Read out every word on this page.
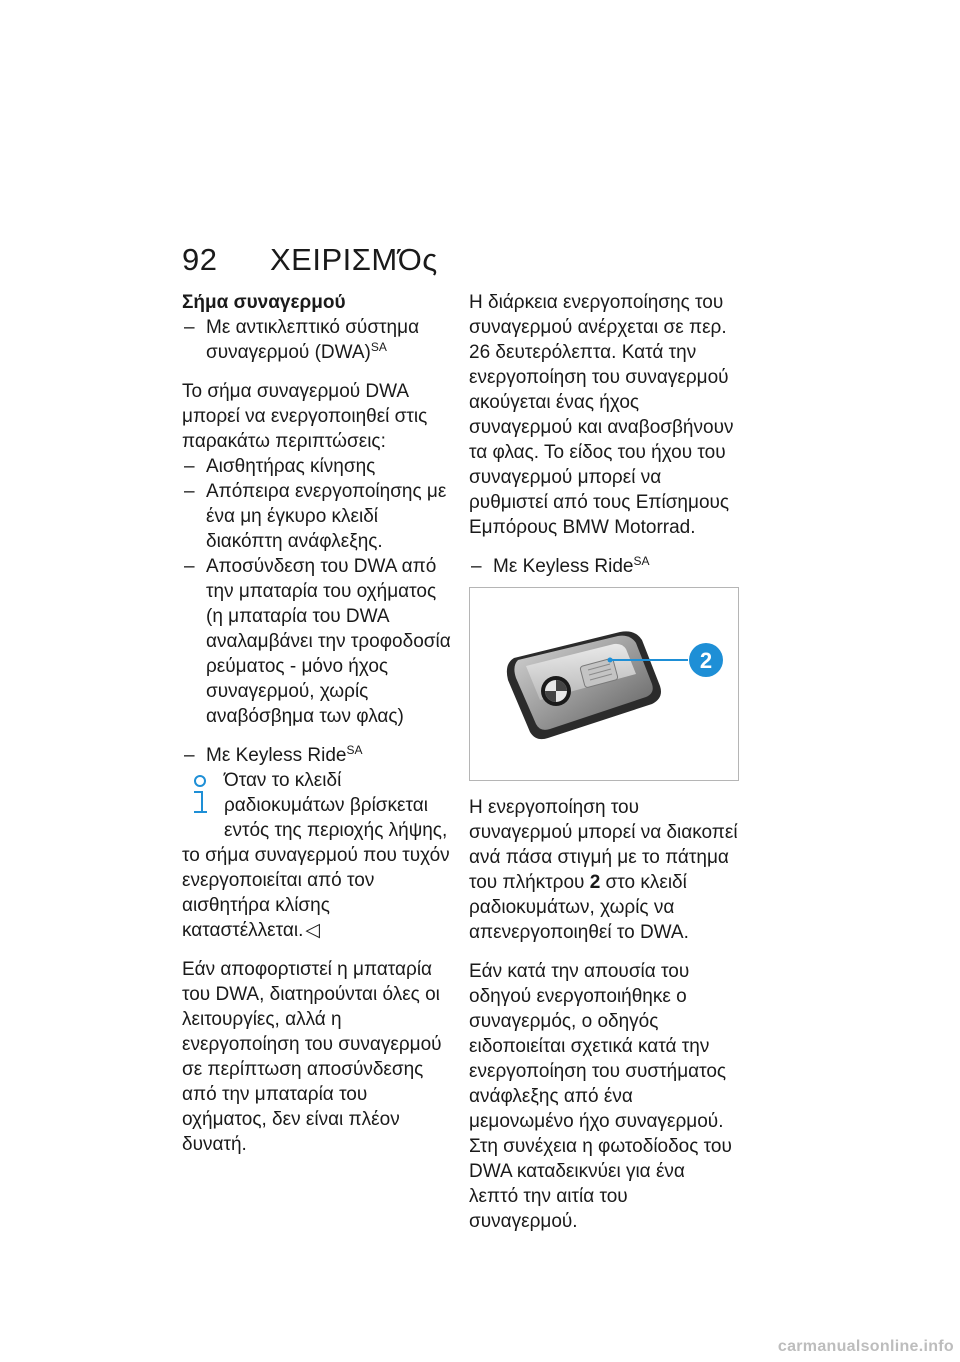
92 ΧΕΙΡΙΣΜΌς

Σήμα συναγερμού

– Με αντικλεπτικό σύστημα συναγερμού (DWA)$^{SA}$

Το σήμα συναγερμού DWA μπορεί να ενεργοποιηθεί στις παρακάτω περιπτώσεις:

– Αισθητήρας κίνησης
– Απόπειρα ενεργοποίησης με ένα μη έγκυρο κλειδί διακόπτη ανάφλεξης.
– Αποσύνδεση του DWA από την μπαταρία του οχήματος (η μπαταρία του DWA αναλαμβάνει την τροφοδοσία ρεύματος - μόνο ήχος συναγερμού, χωρίς αναβόσβημα των φλας)
– Με Keyless Ride$^{SA}$
Όταν το κλειδί ραδιοκυμάτων βρίσκεται εντός της περιοχής λήψης, το σήμα συναγερμού που τυχόν ενεργοποιείται από τον αισθητήρα κλίσης καταστέλλεται. ◁

Εάν αποφορτιστεί η μπαταρία του DWA, διατηρούνται όλες οι λειτουργίες, αλλά η ενεργοποίηση του συναγερμού σε περίπτωση αποσύνδεσης από την μπαταρία του οχήματος, δεν είναι πλέον δυνατή.

Η διάρκεια ενεργοποίησης του συναγερμού ανέρχεται σε περ. 26 δευτερόλεπτα. Κατά την ενεργοποίηση του συναγερμού ακούγεται ένας ήχος συναγερμού και αναβοσβήνουν τα φλας. Το είδος του ήχου του συναγερμού μπορεί να ρυθμιστεί από τους Επίσημους Εμπόρους BMW Motorrad.

– Με Keyless Ride$^{SA}$
2

Η ενεργοποίηση του συναγερμού μπορεί να διακοπεί ανά πάσα στιγμή με το πάτημα του πλήκτρου 2 στο κλειδί ραδιοκυμάτων, χωρίς να απενεργοποιηθεί το DWA.

Εάν κατά την απουσία του οδηγού ενεργοποιήθηκε ο συναγερμός, ο οδηγός ειδοποιείται σχετικά κατά την ενεργοποίηση του συστήματος ανάφλεξης από ένα μεμονωμένο ήχο συναγερμού. Στη συνέχεια η φωτοδίοδος του DWA καταδεικνύει για ένα λεπτό την αιτία του συναγερμού.

carmanualsonline.info
